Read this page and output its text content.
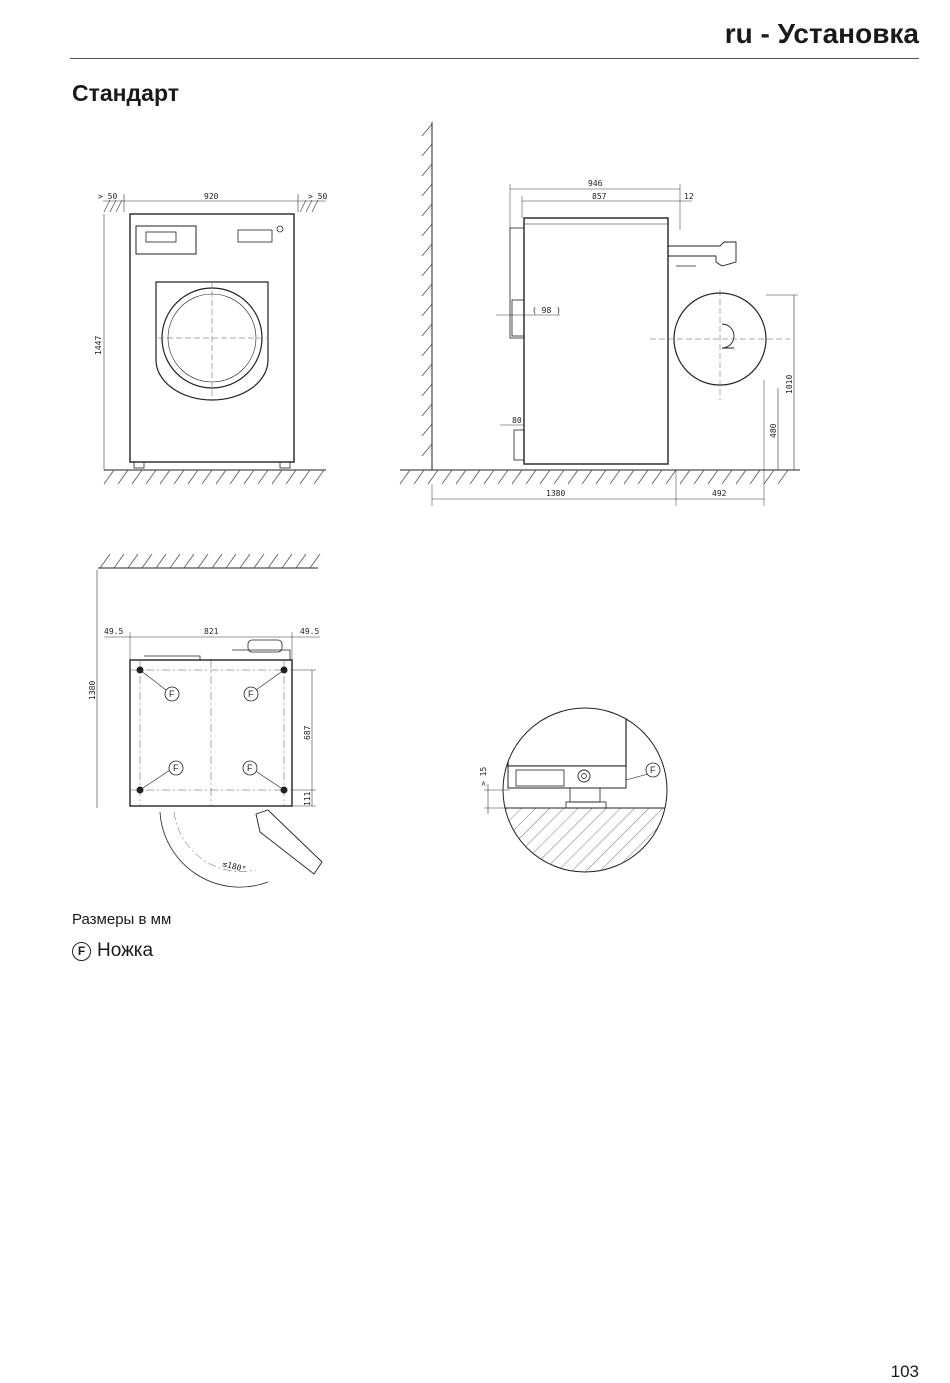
ru - Установка
Стандарт
> 50	920	> 50
1447
946
857	12
( 98 )
80
480
1010
1380	492
49.5	821	49.5
1380	F	F
F	F
687
111
≤180°
F
> 15
Размеры в мм
F Ножка
103
